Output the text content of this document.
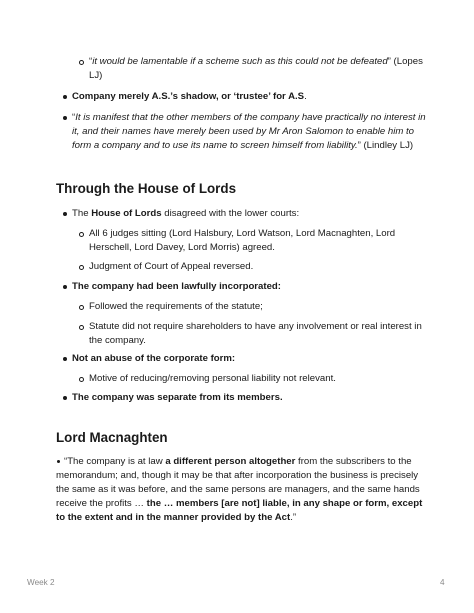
“it would be lamentable if a scheme such as this could not be defeated” (Lopes
LJ)
Company merely A.S.’s shadow, or ‘trustee’ for A.S.
“It is manifest that the other members of the company have practically no interest in
it, and their names have merely been used by Mr Aron Salomon to enable him to
form a company and to use its name to screen himself from liability.” (Lindley LJ)
Through the House of Lords
The House of Lords disagreed with the lower courts:
All 6 judges sitting (Lord Halsbury, Lord Watson, Lord Macnaghten, Lord
Herschell, Lord Davey, Lord Morris) agreed.
Judgment of Court of Appeal reversed.
The company had been lawfully incorporated:
Followed the requirements of the statute;
Statute did not require shareholders to have any involvement or real interest in
the company.
Not an abuse of the corporate form:
Motive of reducing/removing personal liability not relevant.
The company was separate from its members.
Lord Macnaghten
“The company is at law a different person altogether from the subscribers to the
memorandum; and, though it may be that after incorporation the business is precisely
the same as it was before, and the same persons are managers, and the same hands
receive the profits … the … members [are not] liable, in any shape or form, except
to the extent and in the manner provided by the Act.”
Week 2	4
